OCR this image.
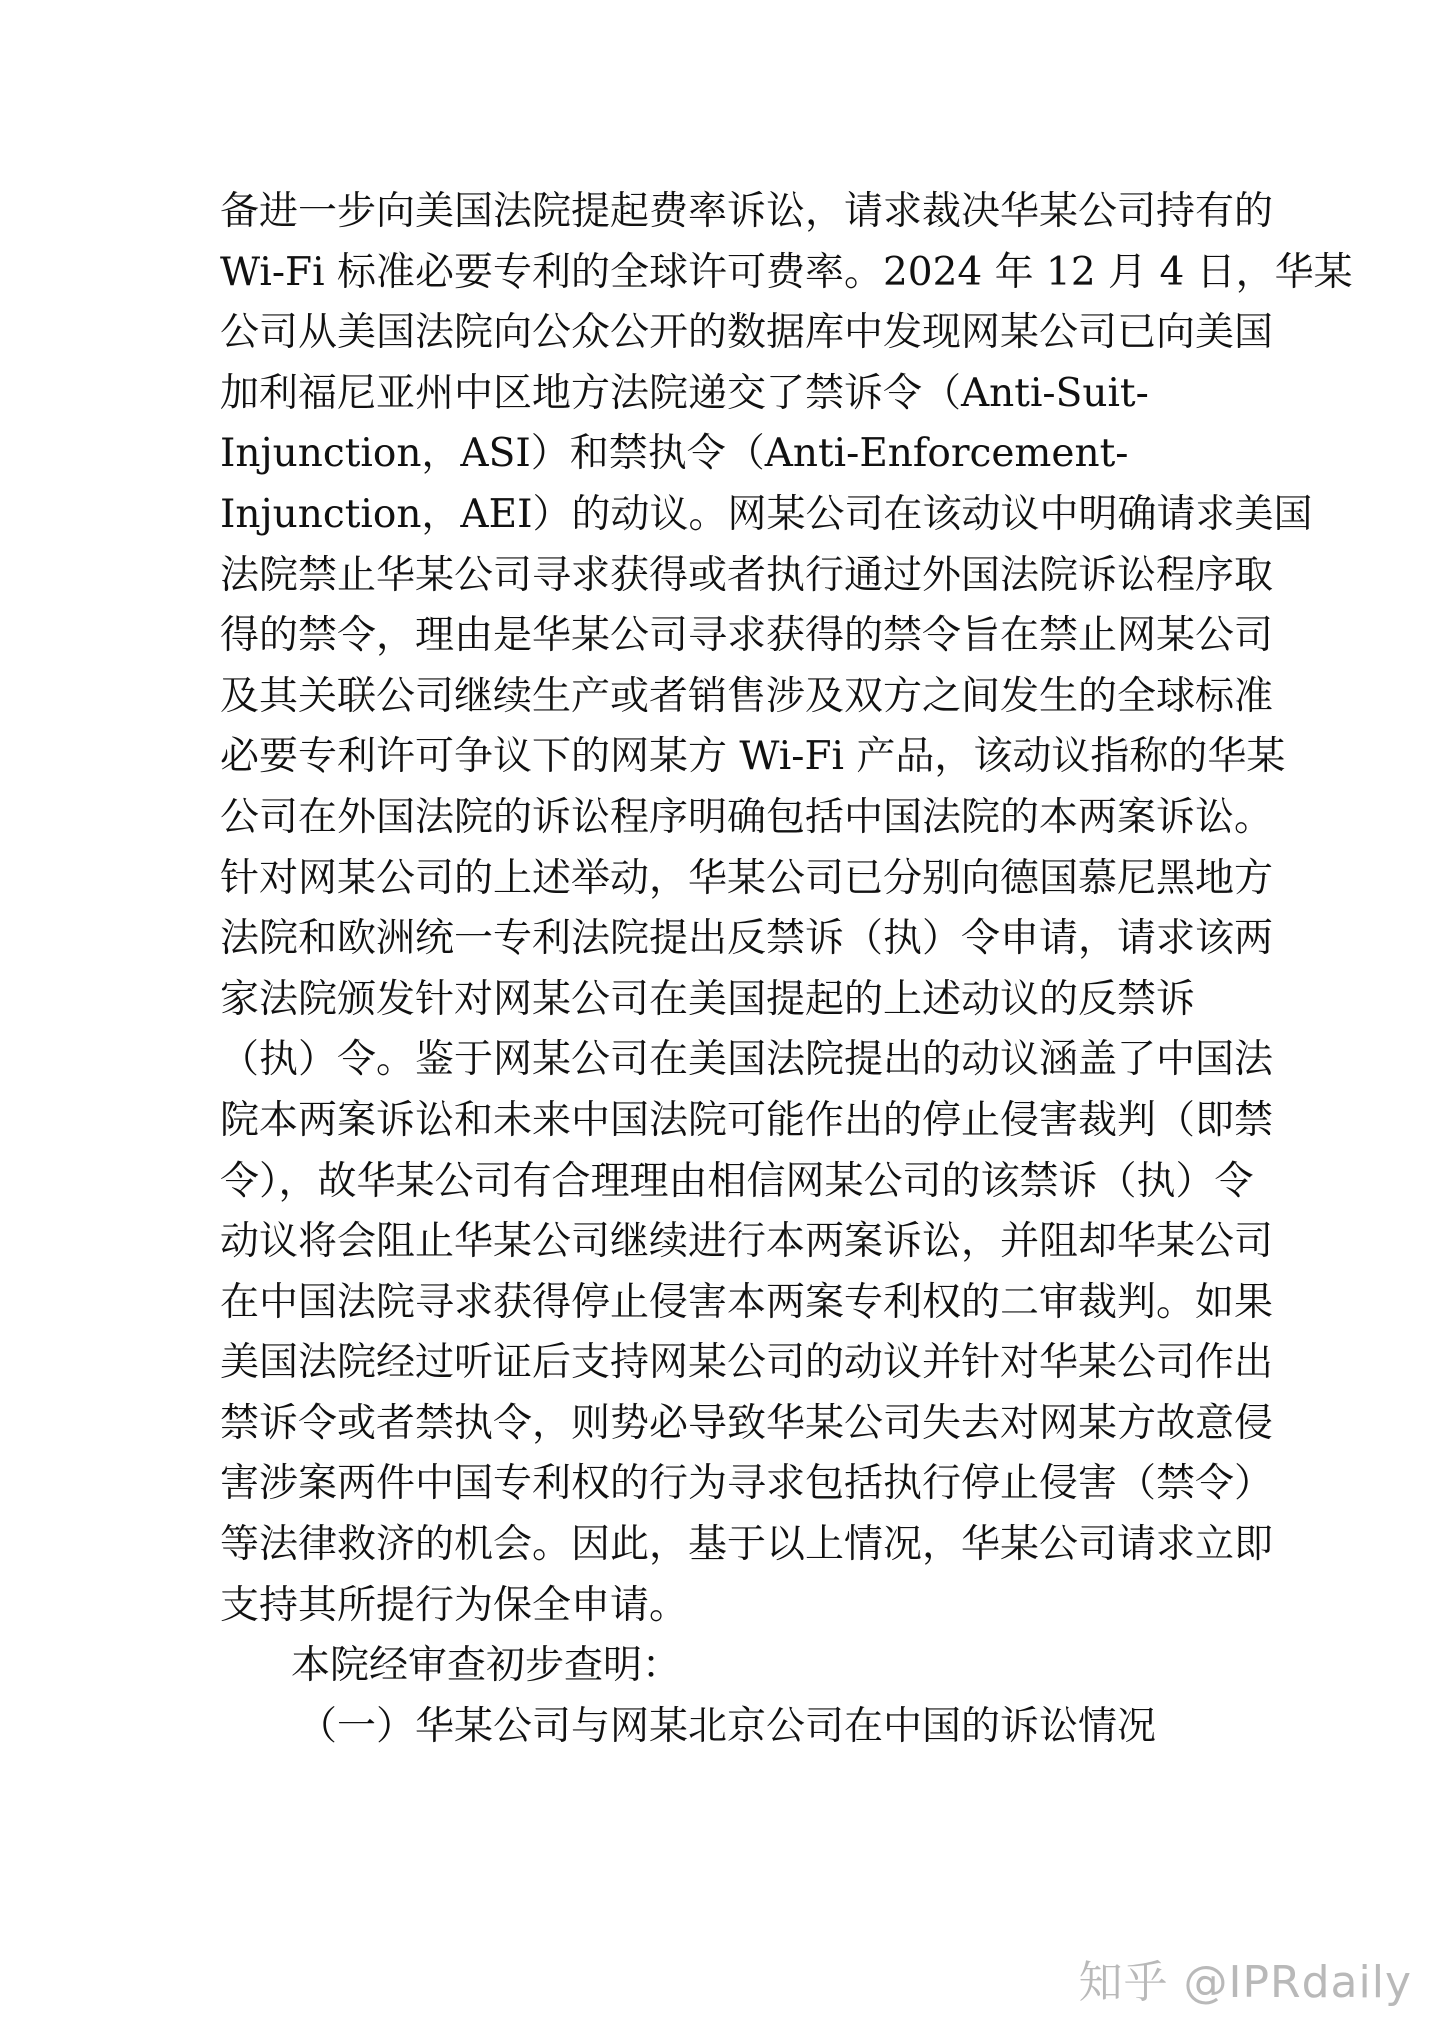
备进一步向美国法院提起费率诉讼，请求裁决华某公司持有的
Wi-Fi 标准必要专利的全球许可费率。2024 年 12 月 4 日，华某
公司从美国法院向公众公开的数据库中发现网某公司已向美国
加利福尼亚州中区地方法院递交了禁诉令（Anti-Suit-
Injunction，ASI）和禁执令（Anti-Enforcement-
Injunction，AEI）的动议。网某公司在该动议中明确请求美国
法院禁止华某公司寻求获得或者执行通过外国法院诉讼程序取
得的禁令，理由是华某公司寻求获得的禁令旨在禁止网某公司
及其关联公司继续生产或者销售涉及双方之间发生的全球标准
必要专利许可争议下的网某方 Wi-Fi 产品，该动议指称的华某
公司在外国法院的诉讼程序明确包括中国法院的本两案诉讼。
针对网某公司的上述举动，华某公司已分别向德国慕尼黑地方
法院和欧洲统一专利法院提出反禁诉（执）令申请，请求该两
家法院颁发针对网某公司在美国提起的上述动议的反禁诉
（执）令。鉴于网某公司在美国法院提出的动议涵盖了中国法
院本两案诉讼和未来中国法院可能作出的停止侵害裁判（即禁
令），故华某公司有合理理由相信网某公司的该禁诉（执）令
动议将会阻止华某公司继续进行本两案诉讼，并阻却华某公司
在中国法院寻求获得停止侵害本两案专利权的二审裁判。如果
美国法院经过听证后支持网某公司的动议并针对华某公司作出
禁诉令或者禁执令，则势必导致华某公司失去对网某方故意侵
害涉案两件中国专利权的行为寻求包括执行停止侵害（禁令）
等法律救济的机会。因此，基于以上情况，华某公司请求立即
支持其所提行为保全申请。
本院经审查初步查明：
（一）华某公司与网某北京公司在中国的诉讼情况
知乎 @IPRdaily
